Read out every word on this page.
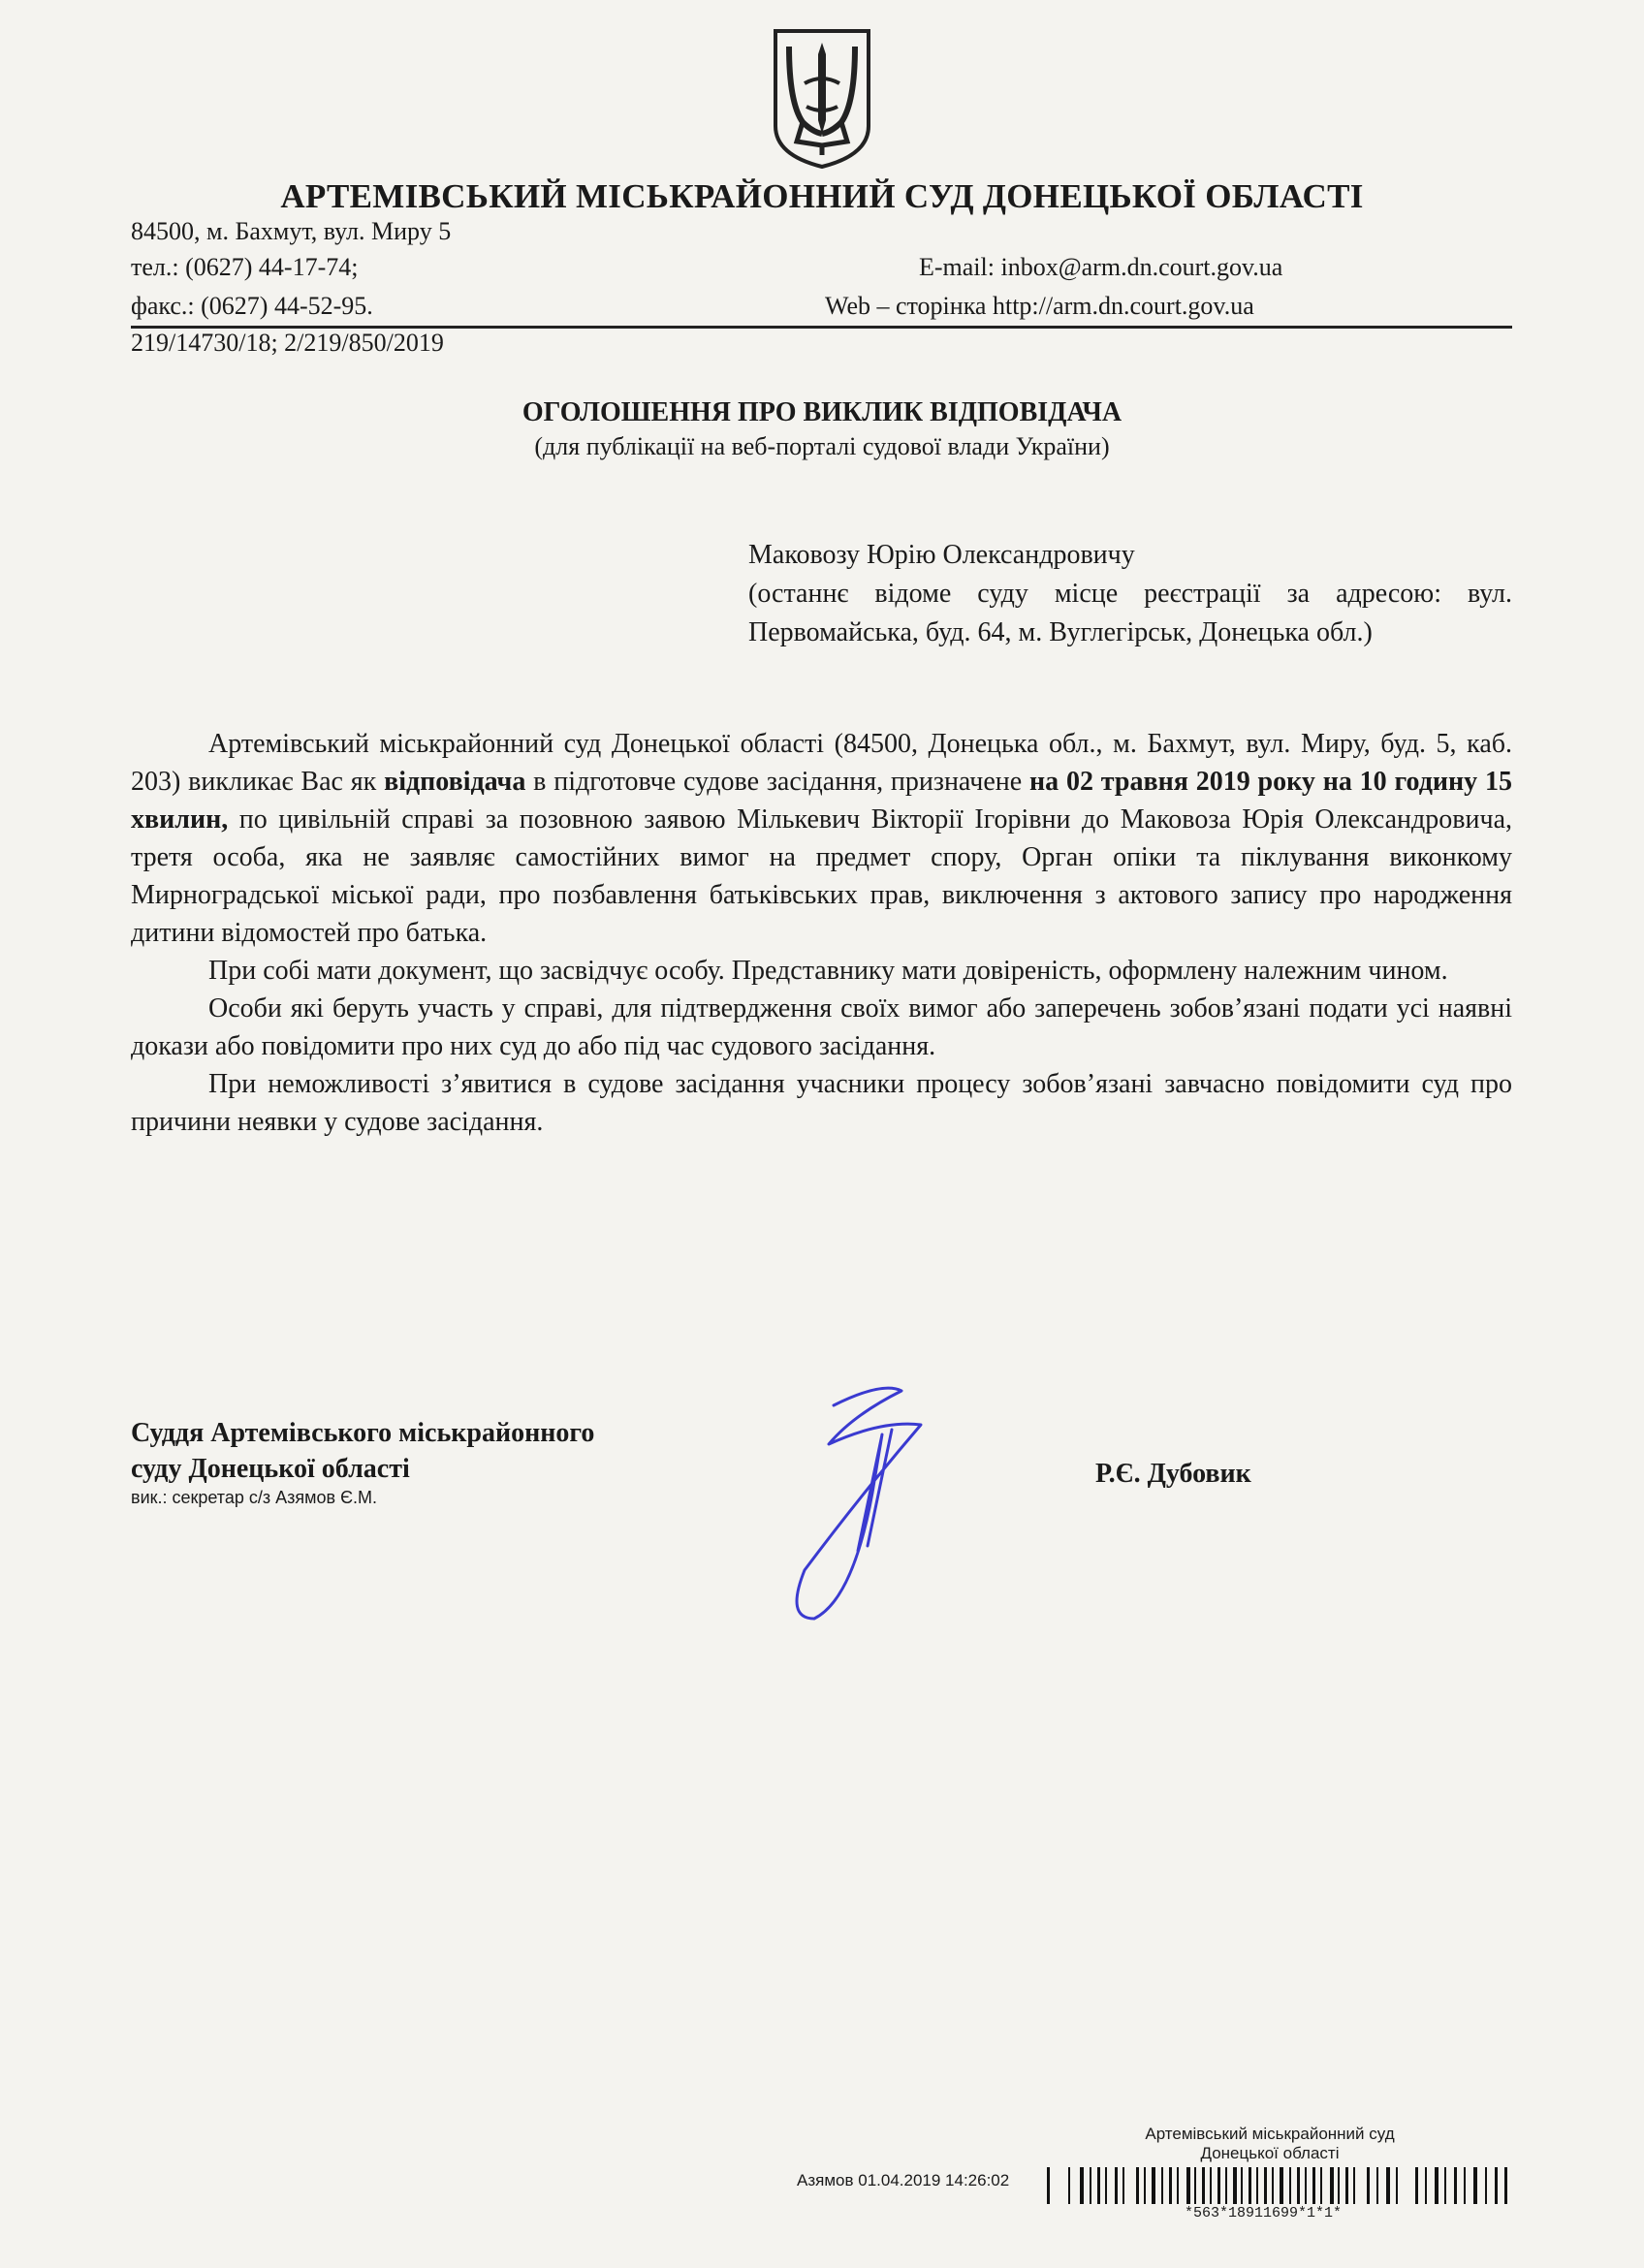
АРТЕМІВСЬКИЙ МІСЬКРАЙОННИЙ СУД ДОНЕЦЬКОЇ ОБЛАСТІ
84500, м. Бахмут, вул. Миру 5
тел.: (0627) 44-17-74;	E-mail: inbox@arm.dn.court.gov.ua
факс.: (0627) 44-52-95.	Web – сторінка http://arm.dn.court.gov.ua
219/14730/18; 2/219/850/2019
ОГОЛОШЕННЯ ПРО ВИКЛИК ВІДПОВІДАЧА
(для публікації на веб-порталі судової влади України)
Маковозу Юрію Олександровичу
(останнє відоме суду місце реєстрації за адресою: вул. Первомайська, буд. 64, м. Вуглегірськ, Донецька обл.)

Артемівський міськрайонний суд Донецької області (84500, Донецька обл., м. Бахмут, вул. Миру, буд. 5, каб. 203) викликає Вас як відповідача в підготовче судове засідання, призначене на 02 травня 2019 року на 10 годину 15 хвилин, по цивільній справі за позовною заявою Мількевич Вікторії Ігорівни до Маковоза Юрія Олександровича, третя особа, яка не заявляє самостійних вимог на предмет спору, Орган опіки та піклування виконкому Мирноградської міської ради, про позбавлення батьківських прав, виключення з актового запису про народження дитини відомостей про батька.

При собі мати документ, що засвідчує особу. Представнику мати довіреність, оформлену належним чином.

Особи які беруть участь у справі, для підтвердження своїх вимог або заперечень зобов’язані подати усі наявні докази або повідомити про них суд до або під час судового засідання.

При неможливості з’явитися в судове засідання учасники процесу зобов’язані завчасно повідомити суд про причини неявки у судове засідання.

Суддя Артемівського міськрайонного
суду Донецької області
вик.: секретар с/з Азямов Є.М.
Р.Є. Дубовик
Артемівський міськрайонний суд
Донецької області
Азямов 01.04.2019 14:26:02
*563*18911699*1*1*
